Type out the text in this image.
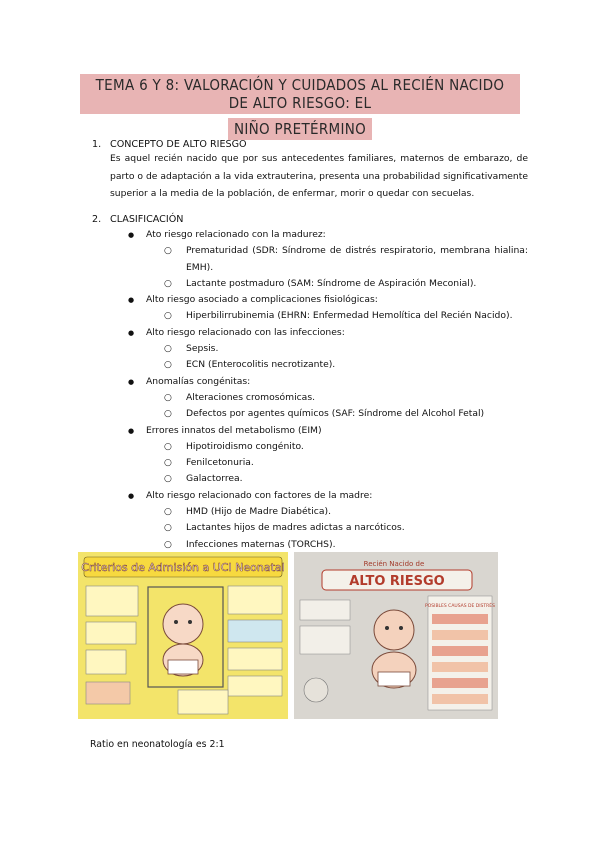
TEMA 6 Y 8: VALORACIÓN Y CUIDADOS AL RECIÉN NACIDO DE ALTO RIESGO: EL
NIÑO PRETÉRMINO
1. CONCEPTO DE ALTO RIESGO
Es aquel recién nacido que por sus antecedentes familiares, maternos de embarazo, de parto o de adaptación a la vida extrauterina, presenta una probabilidad significativamente superior a la media de la población, de enfermar, morir o quedar con secuelas.
2. CLASIFICACIÓN
● Ato riesgo relacionado con la madurez:
○ Prematuridad (SDR: Síndrome de distrés respiratorio, membrana hialina: EMH).
○ Lactante postmaduro (SAM: Síndrome de Aspiración Meconial).
● Alto riesgo asociado a complicaciones fisiológicas:
○ Hiperbilirrubinemia (EHRN: Enfermedad Hemolítica del Recién Nacido).
● Alto riesgo relacionado con las infecciones:
○ Sepsis.
○ ECN (Enterocolitis necrotizante).
● Anomalías congénitas:
○ Alteraciones cromosómicas.
○ Defectos por agentes químicos (SAF: Síndrome del Alcohol Fetal)
● Errores innatos del metabolismo (EIM)
○ Hipotiroidismo congénito.
○ Fenilcetonuria.
○ Galactorrea.
● Alto riesgo relacionado con factores de la madre:
○ HMD (Hijo de Madre Diabética).
○ Lactantes hijos de madres adictas a narcóticos.
○ Infecciones maternas (TORCHS).
Criterios de Admisión a UCI Neonatal	Recién Nacido de
ALTO RIESGO
POSIBLES CAUSAS DE DISTRÉS
Ratio en neonatología es 2:1
